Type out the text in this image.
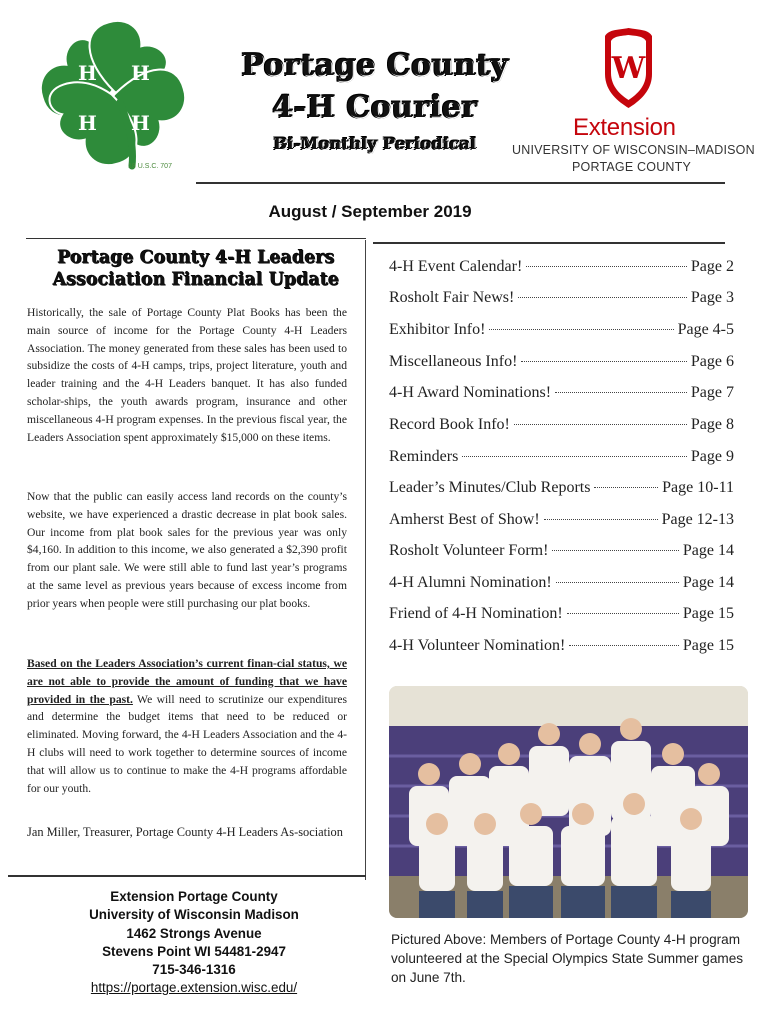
H H
H H
18 U.S.C. 707
Portage County
4-H Courier
Bi-Monthly Periodical
W
Extension
UNIVERSITY OF WISCONSIN–MADISON
PORTAGE COUNTY
August / September 2019
Portage County 4-H Leaders
Association Financial Update
Historically, the sale of Portage County Plat Books has been the main source of income for the Portage County 4-H Leaders Association. The money generated from these sales has been used to subsidize the costs of 4-H camps, trips, project literature, youth and leader training and the 4-H Leaders banquet. It has also funded scholar-ships, the youth awards program, insurance and other miscellaneous 4-H program expenses. In the previous fiscal year, the Leaders Association spent approximately $15,000 on these items.
Now that the public can easily access land records on the county’s website, we have experienced a drastic decrease in plat book sales. Our income from plat book sales for the previous year was only $4,160. In addition to this income, we also generated a $2,390 profit from our plant sale. We were still able to fund last year’s programs at the same level as previous years because of excess income from prior years when people were still purchasing our plat books.
Based on the Leaders Association’s current finan-cial status, we are not able to provide the amount of funding that we have provided in the past. We will need to scrutinize our expenditures and determine the budget items that need to be reduced or eliminated. Moving forward, the 4-H Leaders Association and the 4-H clubs will need to work together to determine sources of income that will allow us to continue to make the 4-H programs affordable for our youth.
Jan Miller, Treasurer, Portage County 4-H Leaders As-sociation
Extension Portage County
University of Wisconsin Madison
1462 Strongs Avenue
Stevens Point WI 54481-2947
715-346-1316
https://portage.extension.wisc.edu/
4-H Event Calendar!	Page 2
Rosholt Fair News!	Page 3
Exhibitor Info!	Page 4-5
Miscellaneous Info!	Page 6
4-H Award Nominations!	Page 7
Record Book Info!	Page 8
Reminders	Page 9
Leader’s Minutes/Club Reports	Page 10-11
Amherst Best of Show!	Page 12-13
Rosholt Volunteer Form!	Page 14
4-H Alumni Nomination!	Page 14
Friend of 4-H Nomination!	Page 15
4-H Volunteer Nomination!	Page 15
Pictured Above: Members of Portage County 4-H program volunteered at the Special Olympics State Summer games on June 7th.
